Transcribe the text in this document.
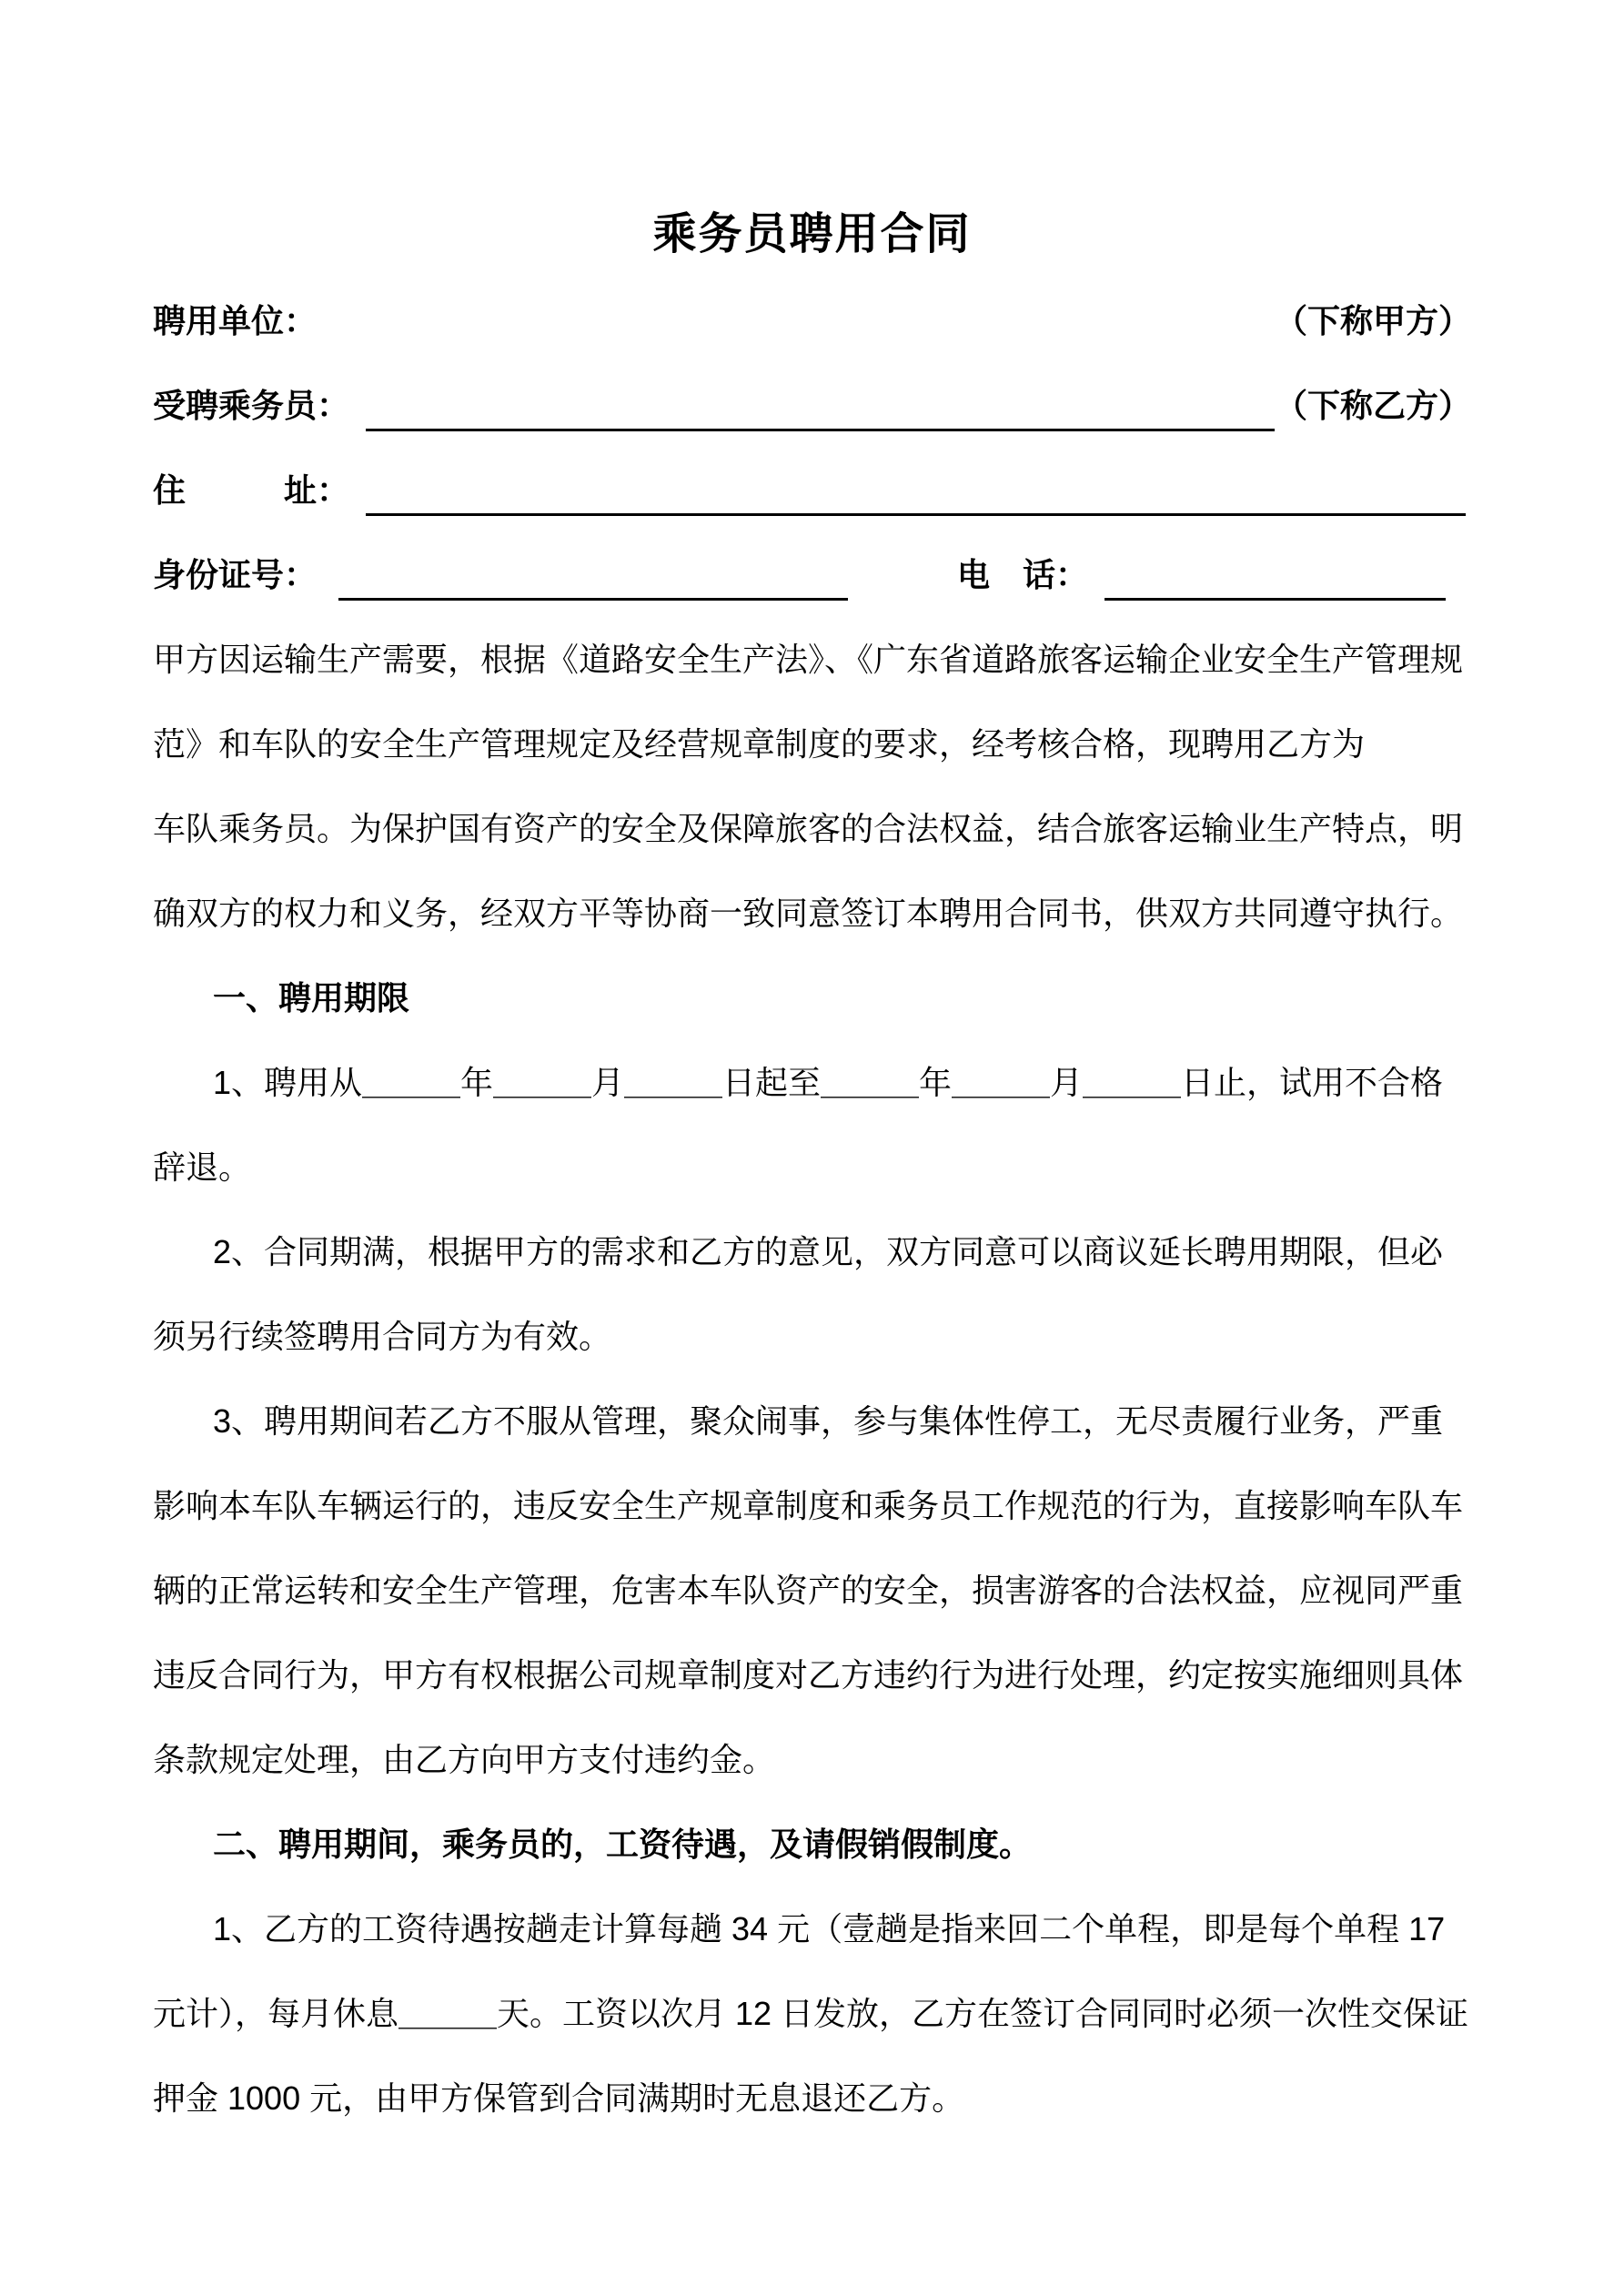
乘务员聘用合同
聘用单位：	（下称甲方）
受聘乘务员：	（下称乙方）
住　　　址：
身份证号：	电　话：
甲方因运输生产需要，根据《道路安全生产法》、《广东省道路旅客运输企业安全生产管理规
范》和车队的安全生产管理规定及经营规章制度的要求，经考核合格，现聘用乙方为
车队乘务员。为保护国有资产的安全及保障旅客的合法权益，结合旅客运输业生产特点，明
确双方的权力和义务，经双方平等协商一致同意签订本聘用合同书，供双方共同遵守执行。
一、聘用期限
1、聘用从＿＿＿年＿＿＿月＿＿＿日起至＿＿＿年＿＿＿月＿＿＿日止，试用不合格辞退。
2、合同期满，根据甲方的需求和乙方的意见，双方同意可以商议延长聘用期限，但必
须另行续签聘用合同方为有效。
3、聘用期间若乙方不服从管理，聚众闹事，参与集体性停工，无尽责履行业务，严重
影响本车队车辆运行的，违反安全生产规章制度和乘务员工作规范的行为，直接影响车队车
辆的正常运转和安全生产管理，危害本车队资产的安全，损害游客的合法权益，应视同严重
违反合同行为，甲方有权根据公司规章制度对乙方违约行为进行处理，约定按实施细则具体
条款规定处理，由乙方向甲方支付违约金。
二、聘用期间，乘务员的，工资待遇，及请假销假制度。
1、乙方的工资待遇按趟走计算每趟 34 元（壹趟是指来回二个单程，即是每个单程 17
元计），每月休息＿＿＿天。工资以次月 12 日发放，乙方在签订合同同时必须一次性交保证
押金 1000 元，由甲方保管到合同满期时无息退还乙方。
